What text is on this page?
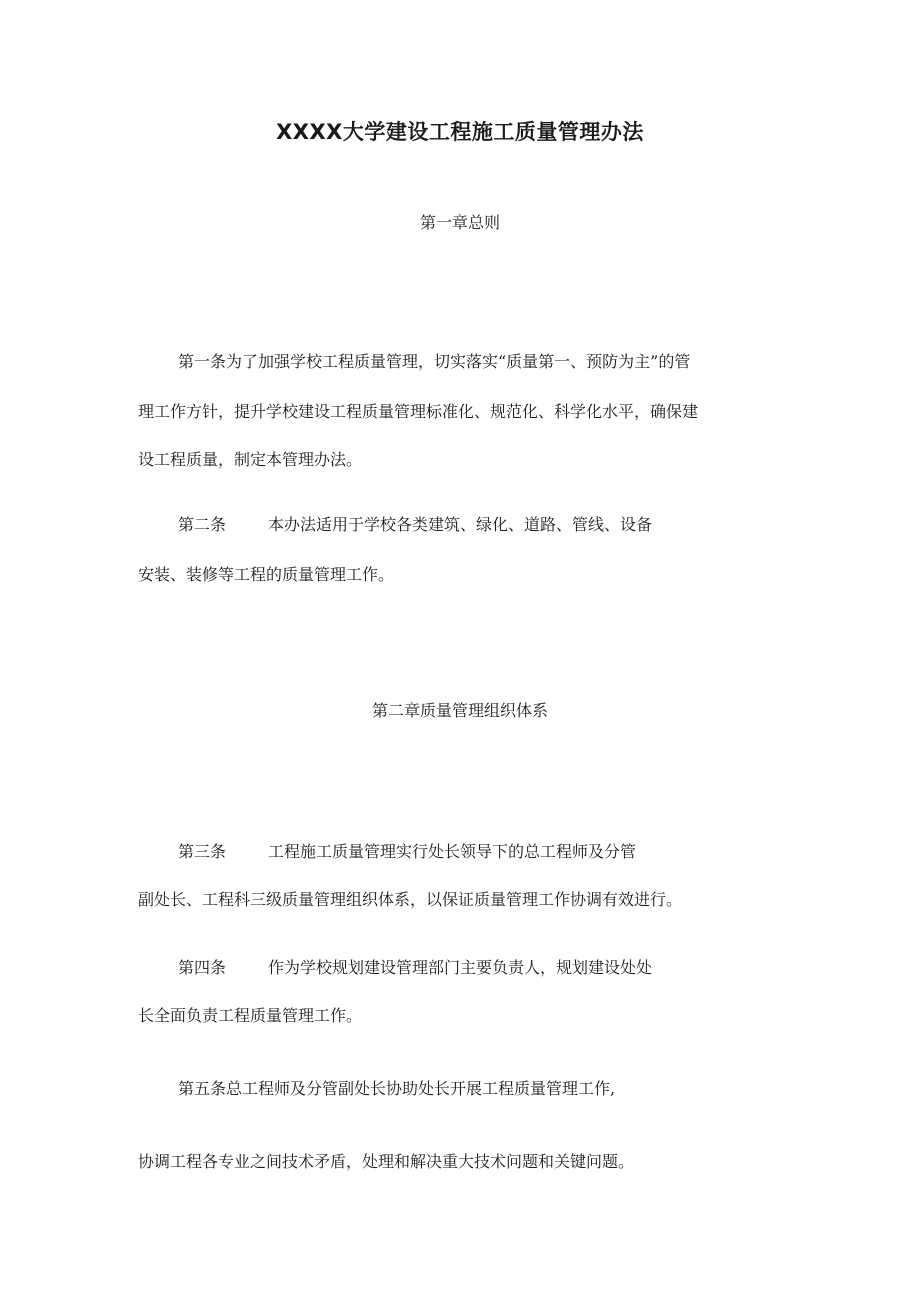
XXXX大学建设工程施工质量管理办法
第一章总则
第一条为了加强学校工程质量管理，切实落实“质量第一、预防为主”的管
理工作方针，提升学校建设工程质量管理标准化、规范化、科学化水平，确保建
设工程质量，制定本管理办法。
第二条	本办法适用于学校各类建筑、绿化、道路、管线、设备
安装、装修等工程的质量管理工作。
第二章质量管理组织体系
第三条	工程施工质量管理实行处长领导下的总工程师及分管
副处长、工程科三级质量管理组织体系，以保证质量管理工作协调有效进行。
第四条	作为学校规划建设管理部门主要负责人，规划建设处处
长全面负责工程质量管理工作。
第五条总工程师及分管副处长协助处长开展工程质量管理工作,
协调工程各专业之间技术矛盾，处理和解决重大技术问题和关键问题。
